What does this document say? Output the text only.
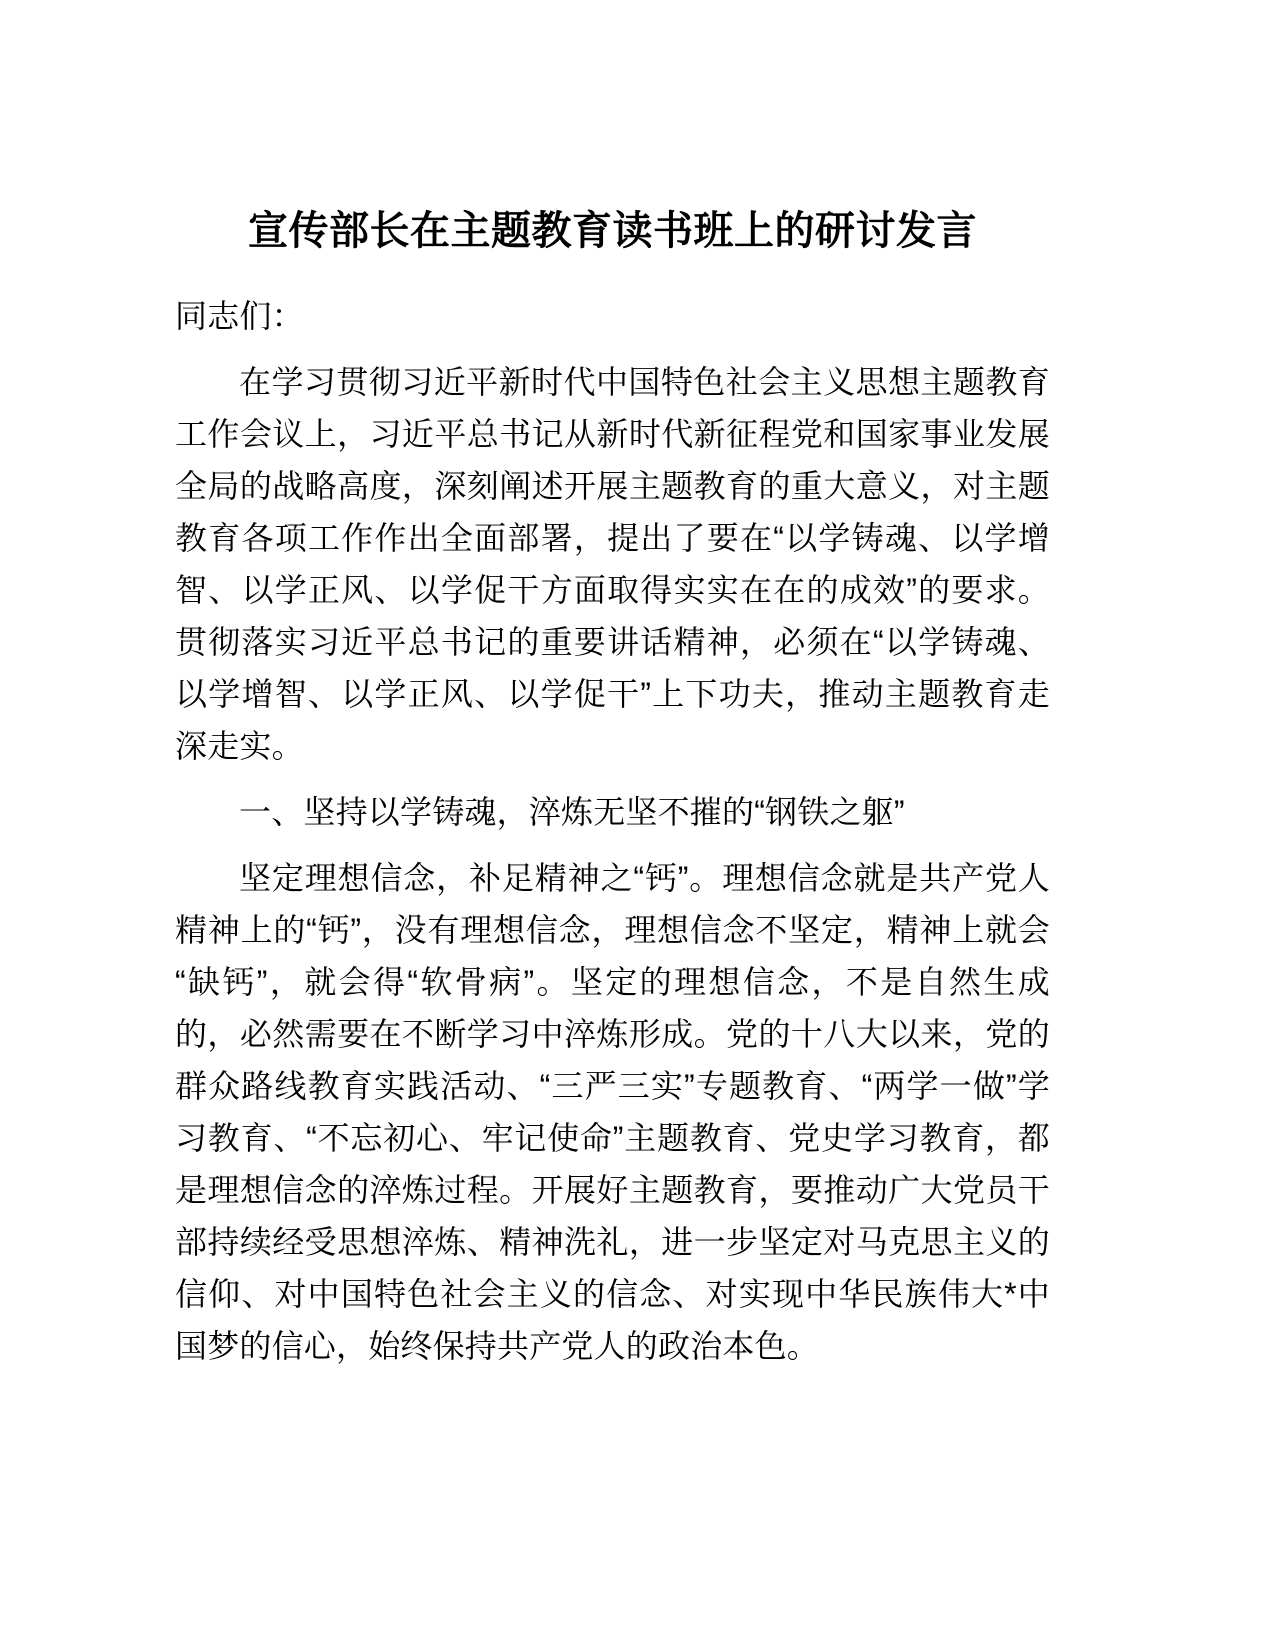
宣传部长在主题教育读书班上的研讨发言

同志们：

在学习贯彻习近平新时代中国特色社会主义思想主题教育工作会议上，习近平总书记从新时代新征程党和国家事业发展全局的战略高度，深刻阐述开展主题教育的重大意义，对主题教育各项工作作出全面部署，提出了要在“以学铸魂、以学增智、以学正风、以学促干方面取得实实在在的成效”的要求。贯彻落实习近平总书记的重要讲话精神，必须在“以学铸魂、以学增智、以学正风、以学促干”上下功夫，推动主题教育走深走实。

一、坚持以学铸魂，淬炼无坚不摧的“钢铁之躯”

坚定理想信念，补足精神之“钙”。理想信念就是共产党人精神上的“钙”，没有理想信念，理想信念不坚定，精神上就会“缺钙”，就会得“软骨病”。坚定的理想信念，不是自然生成的，必然需要在不断学习中淬炼形成。党的十八大以来，党的群众路线教育实践活动、“三严三实”专题教育、“两学一做”学习教育、“不忘初心、牢记使命”主题教育、党史学习教育，都是理想信念的淬炼过程。开展好主题教育，要推动广大党员干部持续经受思想淬炼、精神洗礼，进一步坚定对马克思主义的信仰、对中国特色社会主义的信念、对实现中华民族伟大*中国梦的信心，始终保持共产党人的政治本色。
